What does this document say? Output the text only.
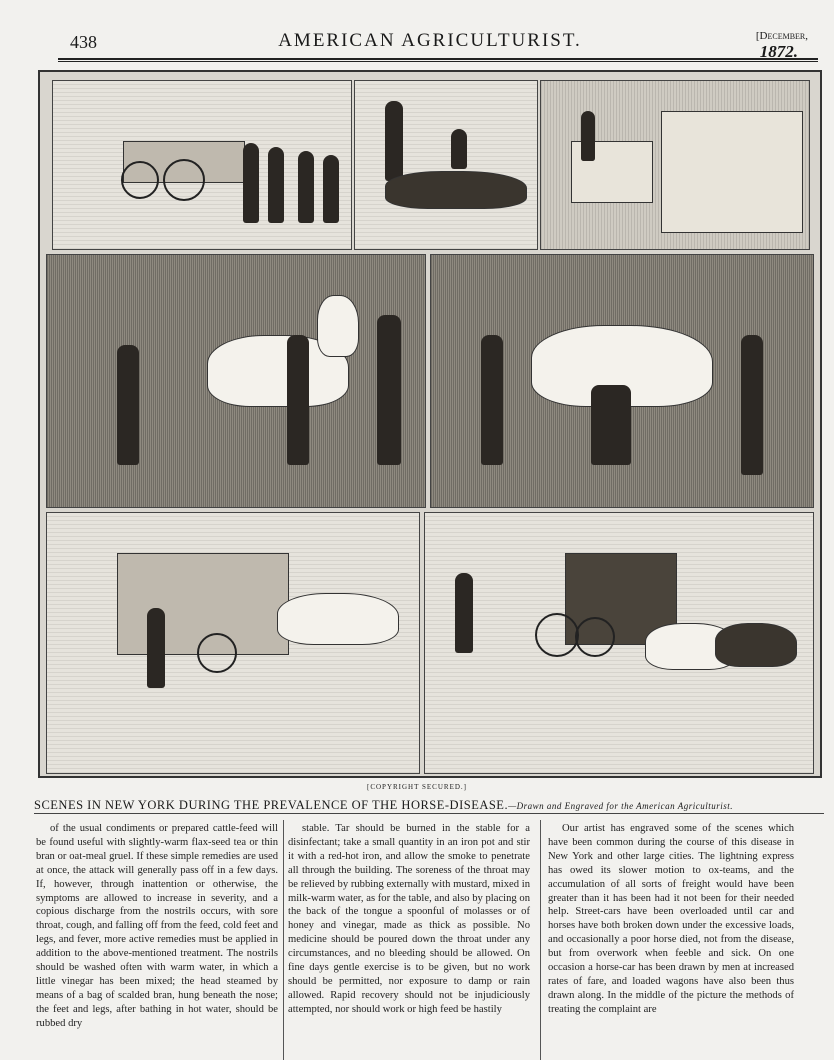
438	AMERICAN AGRICULTURIST.	[December,
1872.
[COPYRIGHT SECURED.]
SCENES IN NEW YORK DURING THE PREVALENCE OF THE HORSE-DISEASE.—Drawn and Engraved for the American Agriculturist.

of the usual condiments or prepared cattle-feed will be found useful with slightly-warm flax-seed tea or thin bran or oat-meal gruel. If these simple remedies are used at once, the attack will generally pass off in a few days. If, however, through inattention or otherwise, the symptoms are allowed to increase in severity, and a copious discharge from the nostrils occurs, with sore throat, cough, and falling off from the feed, cold feet and legs, and fever, more active remedies must be applied in addition to the above-mentioned treatment. The nostrils should be washed often with warm water, in which a little vinegar has been mixed; the head steamed by means of a bag of scalded bran, hung beneath the nose; the feet and legs, after bathing in hot water, should be rubbed dry

stable. Tar should be burned in the stable for a disinfectant; take a small quantity in an iron pot and stir it with a red-hot iron, and allow the smoke to penetrate all through the building. The soreness of the throat may be relieved by rubbing externally with mustard, mixed in milk-warm water, as for the table, and also by placing on the back of the tongue a spoonful of molasses or of honey and vinegar, made as thick as possible. No medicine should be poured down the throat under any circumstances, and no bleeding should be allowed. On fine days gentle exercise is to be given, but no work should be permitted, nor exposure to damp or rain allowed. Rapid recovery should not be injudiciously attempted, nor should work or high feed be hastily

Our artist has engraved some of the scenes which have been common during the course of this disease in New York and other large cities. The lightning express has owed its slower motion to ox-teams, and the accumulation of all sorts of freight would have been greater than it has been had it not been for their needed help. Street-cars have been overloaded until car and horses have both broken down under the excessive loads, and occasionally a poor horse died, not from the disease, but from overwork when feeble and sick. On one occasion a horse-car has been drawn by men at increased rates of fare, and loaded wagons have also been thus drawn along. In the middle of the picture the methods of treating the complaint are
